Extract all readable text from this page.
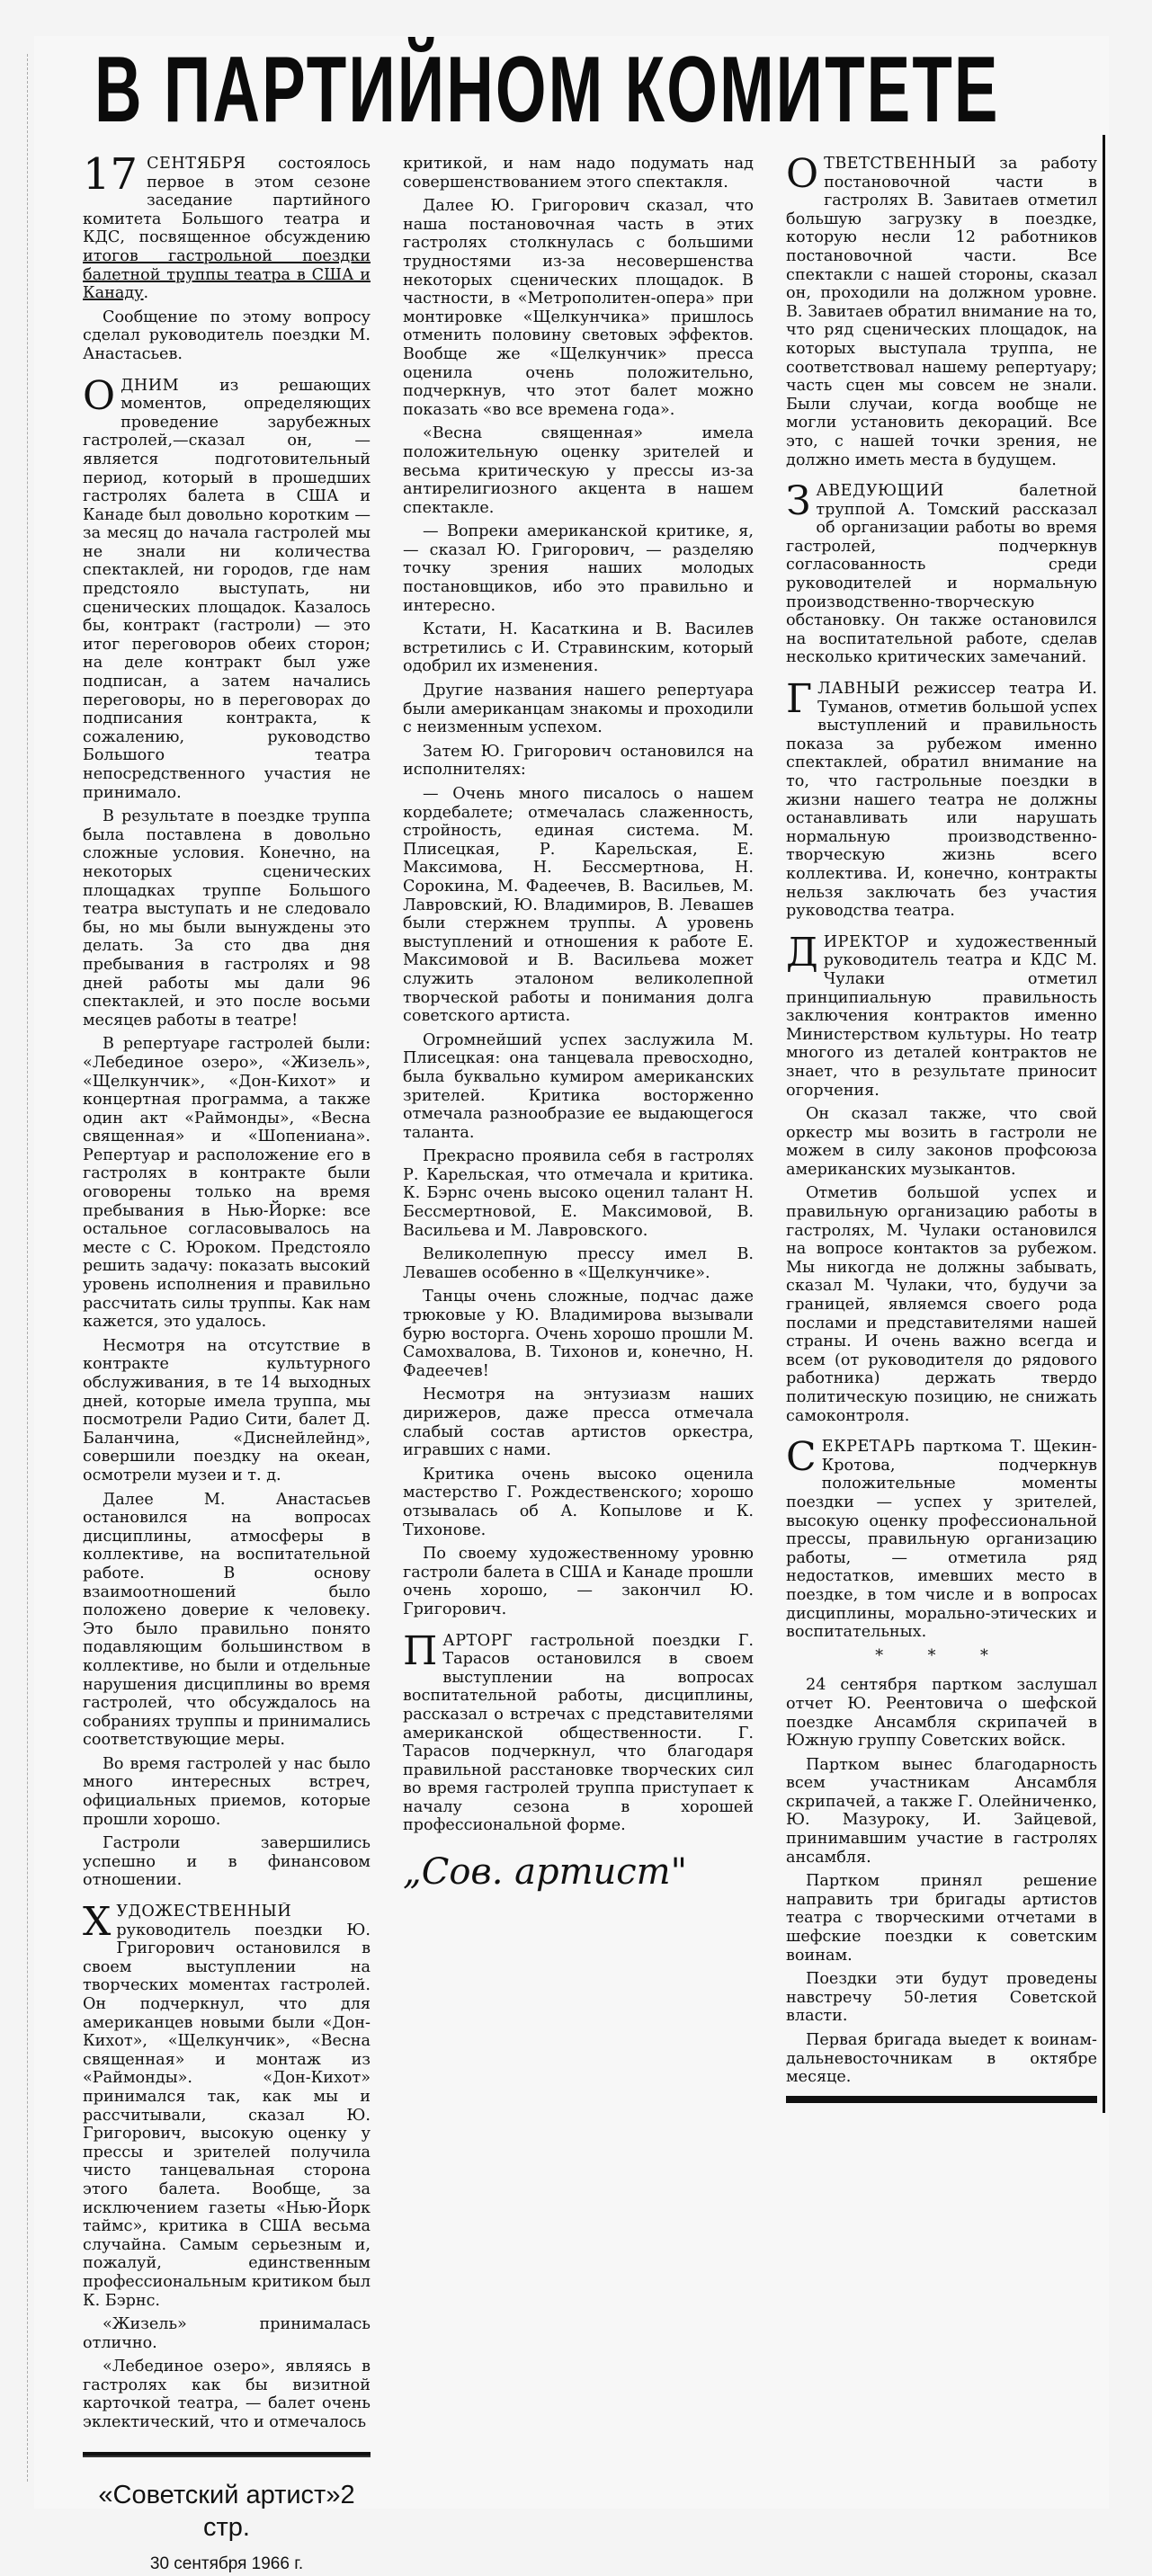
В ПАРТИЙНОМ КОМИТЕТЕ

17 СЕНТЯБРЯ состоялось первое в этом сезоне заседание партийного комитета Большого театра и КДС, посвященное обсуждению итогов гастрольной поездки балетной труппы театра в США и Канаду.

Сообщение по этому вопросу сделал руководитель поездки М. Анастасьев.

ОДНИМ	из решающих моментов, определяющих проведение зарубежных гастролей,—сказал он, — является подготовительный период, который в прошедших гастролях балета в США и Канаде был довольно коротким — за месяц до начала гастролей мы не знали ни количества спектаклей, ни городов, где нам предстояло выступать, ни сценических площадок. Казалось бы, контракт (гастроли) — это итог переговоров обеих сторон; на деле контракт был уже подписан, а затем начались переговоры, но в переговорах до подписания контракта, к сожалению, руководство Большого театра непосредственного участия не принимало.

В результате в поездке труппа была поставлена в довольно сложные условия. Конечно, на некоторых сценических площадках труппе Большого театра выступать и не следовало бы, но мы были вынуждены это делать. За сто два дня пребывания в гастролях и 98 дней работы мы дали 96 спектаклей, и это после восьми месяцев работы в театре!

В репертуаре гастролей были: «Лебединое озеро», «Жизель», «Щелкунчик», «Дон-Кихот» и концертная программа, а также один акт «Раймонды», «Весна священная» и «Шопениана». Репертуар и расположение его в гастролях в контракте были оговорены только на время пребывания в Нью-Йорке: все остальное согласовывалось на месте с С. Юроком. Предстояло решить задачу: показать высокий уровень исполнения и правильно рассчитать силы труппы. Как нам кажется, это удалось.

Несмотря на отсутствие в контракте культурного обслуживания, в те 14 выходных дней, которые имела труппа, мы посмотрели Радио Сити, балет Д. Баланчина, «Диснейлейнд», совершили поездку на океан, осмотрели музеи и т. д.

Далее М. Анастасьев остановился на вопросах дисциплины, атмосферы в коллективе, на воспитательной работе. В основу взаимоотношений было положено доверие к человеку. Это было правильно понято подавляющим большинством в коллективе, но были и отдельные нарушения дисциплины во время гастролей, что обсуждалось на собраниях труппы и принимались соответствующие меры.

Во время гастролей у нас было много интересных встреч, официальных приемов, которые прошли хорошо.

Гастроли завершились успешно и в финансовом отношении.

ХУДОЖЕСТВЕННЫЙ руководитель поездки Ю. Григорович остановился в своем выступлении на творческих моментах гастролей. Он подчеркнул, что для американцев новыми были «Дон-Кихот», «Щелкунчик», «Весна священная» и монтаж из «Раймонды». «Дон-Кихот» принимался так, как мы и рассчитывали, сказал Ю. Григорович, высокую оценку у прессы и зрителей получила чисто танцевальная сторона этого балета. Вообще, за исключением газеты «Нью-Йорк таймс», критика в США весьма случайна. Самым серьезным и, пожалуй, единственным профессиональным критиком был К. Бэрнс.

«Жизель» принималась отлично.

«Лебединое озеро», являясь в гастролях как бы визитной карточкой театра, — балет очень эклектический, что и отмечалось

«Советский артист»2 стр.
30 сентября 1966 г.

критикой, и нам надо подумать над совершенствованием этого спектакля.

Далее Ю. Григорович сказал, что наша постановочная часть в этих гастролях столкнулась с большими трудностями из-за несовершенства некоторых сценических площадок. В частности, в «Метрополитен-опера» при монтировке «Щелкунчика» пришлось отменить половину световых эффектов. Вообще же «Щелкунчик» пресса оценила очень положительно, подчеркнув, что этот балет можно показать «во все времена года».

«Весна священная» имела положительную оценку зрителей и весьма критическую у прессы из-за антирелигиозного акцента в нашем спектакле.

— Вопреки американской критике, я, — сказал Ю. Григорович, — разделяю точку зрения наших молодых постановщиков, ибо это правильно и интересно.

Кстати, Н. Касаткина и В. Василев встретились с И. Стравинским, который одобрил их изменения.

Другие названия нашего репертуара были американцам знакомы и проходили с неизменным успехом.

Затем Ю. Григорович остановился на исполнителях:

— Очень много писалось о нашем кордебалете; отмечалась слаженность, стройность, единая система. М. Плисецкая, Р. Карельская, Е. Максимова, Н. Бессмертнова, Н. Сорокина, М. Фадеечев, В. Васильев, М. Лавровский, Ю. Владимиров, В. Левашев были стержнем труппы. А уровень выступлений и отношения к работе Е. Максимовой и В. Васильева может служить эталоном великолепной творческой работы и понимания долга советского артиста.

Огромнейший успех заслужила М. Плисецкая: она танцевала превосходно, была буквально кумиром американских зрителей. Критика восторженно отмечала разнообразие ее выдающегося таланта.

Прекрасно проявила себя в гастролях Р. Карельская, что отмечала и критика. К. Бэрнс очень высоко оценил талант Н. Бессмертновой, Е. Максимовой, В. Васильева и М. Лавровского.

Великолепную прессу имел В. Левашев особенно в «Щелкунчике».

Танцы очень сложные, подчас даже трюковые у Ю. Владимирова вызывали бурю восторга. Очень хорошо прошли М. Самохвалова, В. Тихонов и, конечно, Н. Фадеечев!

Несмотря на энтузиазм наших дирижеров, даже пресса отмечала слабый состав артистов оркестра, игравших с нами.

Критика очень высоко оценила мастерство Г. Рождественского; хорошо отзывалась об А. Копылове и К. Тихонове.

По своему художественному уровню гастроли балета в США и Канаде прошли очень хорошо, — закончил Ю. Григорович.

ПАРТОРГ гастрольной поездки Г. Тарасов остановился в своем выступлении на вопросах воспитательной работы, дисциплины, рассказал о встречах с представителями американской общественности. Г. Тарасов подчеркнул, что благодаря правильной расстановке творческих сил во время гастролей труппа приступает к началу сезона в хорошей профессиональной форме.

„Сов. артист"

ОТВЕТСТВЕННЫЙ за работу постановочной части в гастролях В. Завитаев отметил большую загрузку в поездке, которую несли 12 работников постановочной части. Все спектакли с нашей стороны, сказал он, проходили на должном уровне. В. Завитаев обратил внимание на то, что ряд сценических площадок, на которых выступала труппа, не соответствовал нашему репертуару; часть сцен мы совсем не знали. Были случаи, когда вообще не могли установить декораций. Все это, с нашей точки зрения, не должно иметь места в будущем.

ЗАВЕДУЮЩИЙ	балетной труппой А. Томский рассказал об организации работы во время гастролей, подчеркнув согласованность среди руководителей и нормальную производственно-творческую обстановку. Он также остановился на воспитательной работе, сделав несколько критических замечаний.

ГЛАВНЫЙ режиссер театра И. Туманов, отметив большой успех выступлений и правильность показа за рубежом именно спектаклей, обратил внимание на то, что гастрольные поездки в жизни нашего театра не должны останавливать или нарушать нормальную производственно-творческую жизнь всего коллектива. И, конечно, контракты нельзя заключать без участия руководства театра.

ДИРЕКТОР и художественный руководитель театра и КДС М. Чулаки отметил принципиальную правильность заключения контрактов именно Министерством культуры. Но театр многого из деталей контрактов не знает, что в результате приносит огорчения.

Он сказал также, что свой оркестр мы возить в гастроли не можем в силу законов профсоюза американских музыкантов.

Отметив большой успех и правильную организацию работы в гастролях, М. Чулаки остановился на вопросе контактов за рубежом. Мы никогда не должны забывать, сказал М. Чулаки, что, будучи за границей, являемся своего рода послами и представителями нашей страны. И очень важно всегда и всем (от руководителя до рядового работника) держать твердо политическую позицию, не снижать самоконтроля.

СЕКРЕТАРЬ парткома Т. Щекин-Кротова, подчеркнув положительные моменты поездки — успех у зрителей, высокую оценку профессиональной прессы, правильную организацию работы, — отметила ряд недостатков, имевших место в поездке, в том числе и в вопросах дисциплины, морально-этических и воспитательных.

* * *

24 сентября партком заслушал отчет Ю. Реентовича о шефской поездке Ансамбля скрипачей в Южную группу Советских войск.

Партком вынес благодарность всем участникам Ансамбля скрипачей, а также Г. Олейниченко, Ю. Мазуроку, И. Зайцевой, принимавшим участие в гастролях ансамбля.

Партком принял решение направить три бригады артистов театра с творческими отчетами в шефские поездки к советским воинам.

Поездки эти будут проведены навстречу 50-летия Советской власти.

Первая бригада выедет к воинам-дальневосточникам в октябре месяце.
